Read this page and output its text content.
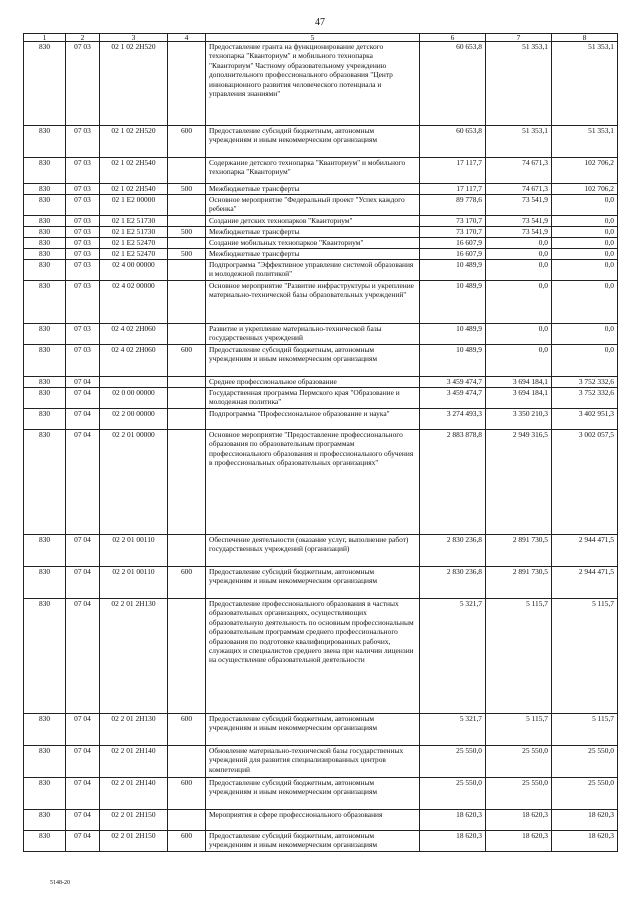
47
1	2	3	4	5	6	7	8
830	07 03	02 1 02 2Н520		Предоставление гранта на функционирование детского технопарка "Кванториум" и мобильного технопарка "Кванториум" Частному образовательному учреждению дополнительного профессионального образования "Центр инновационного развития человеческого потенциала и управления знаниями"	60 653,8	51 353,1	51 353,1
830	07 03	02 1 02 2Н520	600	Предоставление субсидий бюджетным, автономным учреждениям и иным некоммерческим организациям	60 653,8	51 353,1	51 353,1
830	07 03	02 1 02 2Н540		Содержание детского технопарка "Кванториум" и мобильного технопарка "Кванториум"	17 117,7	74 671,3	102 706,2
830	07 03	02 1 02 2Н540	500	Межбюджетные трансферты	17 117,7	74 671,3	102 706,2
830	07 03	02 1 Е2 00000		Основное мероприятие "Федеральный проект "Успех каждого ребенка"	89 778,6	73 541,9	0,0
830	07 03	02 1 Е2 51730		Создание детских технопарков "Кванториум"	73 170,7	73 541,9	0,0
830	07 03	02 1 Е2 51730	500	Межбюджетные трансферты	73 170,7	73 541,9	0,0
830	07 03	02 1 Е2 52470		Создание мобильных технопарков "Кванториум"	16 607,9	0,0	0,0
830	07 03	02 1 Е2 52470	500	Межбюджетные трансферты	16 607,9	0,0	0,0
830	07 03	02 4 00 00000		Подпрограмма "Эффективное управление системой образования и молодежной политикой"	10 489,9	0,0	0,0
830	07 03	02 4 02 00000		Основное мероприятие "Развитие инфраструктуры и укрепление материально-технической базы образовательных учреждений"	10 489,9	0,0	0,0
830	07 03	02 4 02 2Н060		Развитие и укрепление материально-технической базы государственных учреждений	10 489,9	0,0	0,0
830	07 03	02 4 02 2Н060	600	Предоставление субсидий бюджетным, автономным учреждениям и иным некоммерческим организациям	10 489,9	0,0	0,0
830	07 04			Среднее профессиональное образование	3 459 474,7	3 694 184,1	3 752 332,6
830	07 04	02 0 00 00000		Государственная программа Пермского края "Образование и молодежная политика"	3 459 474,7	3 694 184,1	3 752 332,6
830	07 04	02 2 00 00000		Подпрограмма "Профессиональное образование и наука"	3 274 493,3	3 350 210,3	3 402 951,3
830	07 04	02 2 01 00000		Основное мероприятие "Предоставление профессионального образования по образовательным программам профессионального образования и профессионального обучения в профессиональных образовательных организациях"	2 883 878,8	2 949 316,5	3 002 057,5
830	07 04	02 2 01 00110		Обеспечение деятельности (оказание услуг, выполнение работ) государственных учреждений (организаций)	2 830 236,8	2 891 730,5	2 944 471,5
830	07 04	02 2 01 00110	600	Предоставление субсидий бюджетным, автономным учреждениям и иным некоммерческим организациям	2 830 236,8	2 891 730,5	2 944 471,5
830	07 04	02 2 01 2Н130		Предоставление профессионального образования в частных образовательных организациях, осуществляющих образовательную деятельность по основным профессиональным образовательным программам среднего профессионального образования по подготовке квалифицированных рабочих, служащих и специалистов среднего звена при наличии лицензии на осуществление образовательной деятельности	5 321,7	5 115,7	5 115,7
830	07 04	02 2 01 2Н130	600	Предоставление субсидий бюджетным, автономным учреждениям и иным некоммерческим организациям	5 321,7	5 115,7	5 115,7
830	07 04	02 2 01 2Н140		Обновление материально-технической базы государственных учреждений для развития специализированных центров компетенций	25 550,0	25 550,0	25 550,0
830	07 04	02 2 01 2Н140	600	Предоставление субсидий бюджетным, автономным учреждениям и иным некоммерческим организациям	25 550,0	25 550,0	25 550,0
830	07 04	02 2 01 2Н150		Мероприятия в сфере профессионального образования	18 620,3	18 620,3	18 620,3
830	07 04	02 2 01 2Н150	600	Предоставление субсидий бюджетным, автономным учреждениям и иным некоммерческим организациям	18 620,3	18 620,3	18 620,3
5148-20
